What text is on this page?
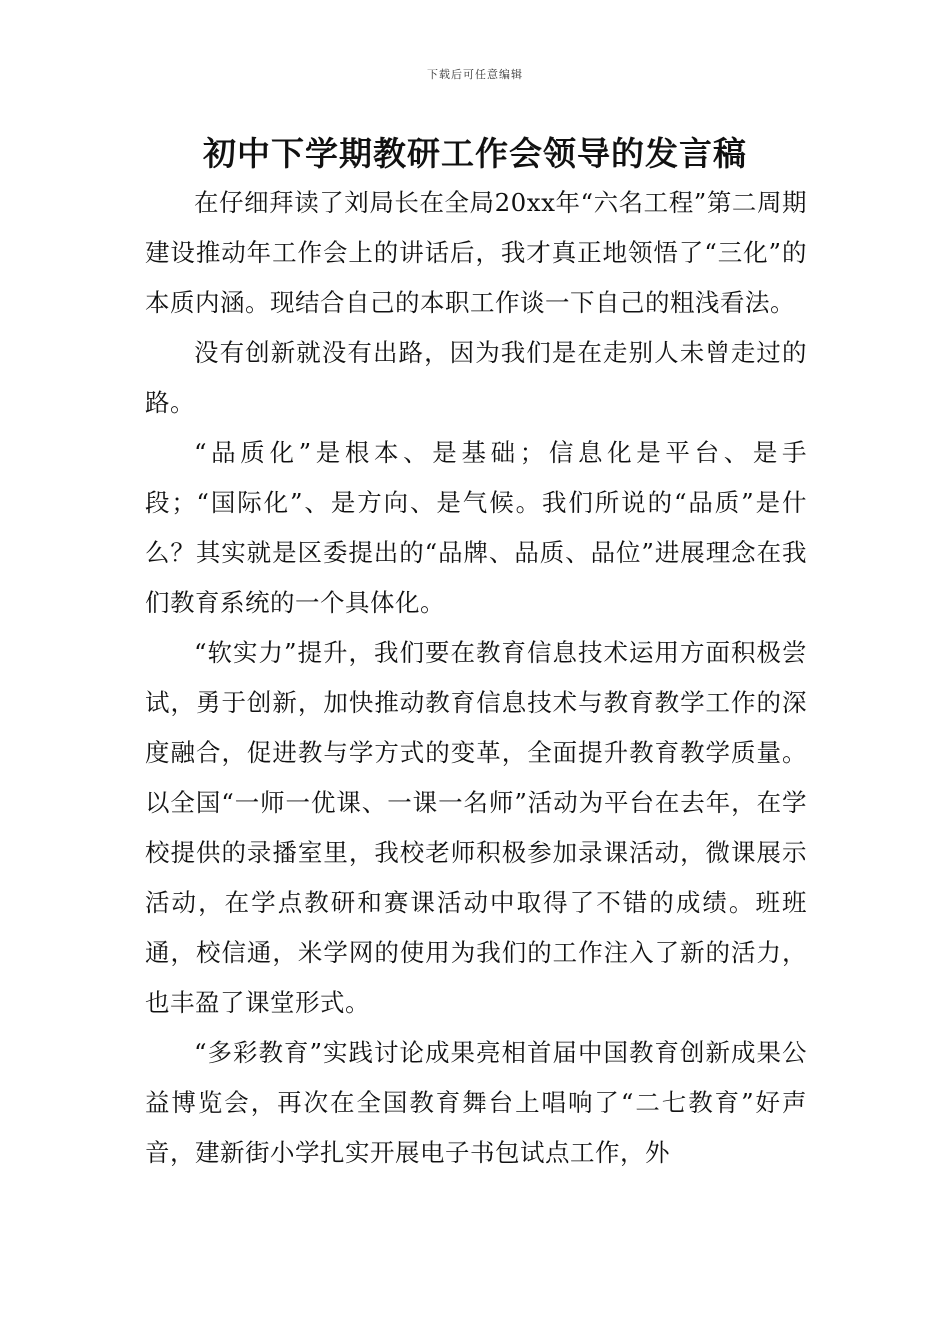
下载后可任意编辑
初中下学期教研工作会领导的发言稿

在仔细拜读了刘局长在全局20xx年“六名工程”第二周期建设推动年工作会上的讲话后，我才真正地领悟了“三化”的本质内涵。现结合自己的本职工作谈一下自己的粗浅看法。

没有创新就没有出路，因为我们是在走别人未曾走过的路。

“品质化”是根本、是基础；信息化是平台、是手段；“国际化”、是方向、是气候。我们所说的“品质”是什么？其实就是区委提出的“品牌、品质、品位”进展理念在我们教育系统的一个具体化。

“软实力”提升，我们要在教育信息技术运用方面积极尝试，勇于创新，加快推动教育信息技术与教育教学工作的深度融合，促进教与学方式的变革，全面提升教育教学质量。以全国“一师一优课、一课一名师”活动为平台在去年，在学校提供的录播室里，我校老师积极参加录课活动，微课展示活动，在学点教研和赛课活动中取得了不错的成绩。班班通，校信通，米学网的使用为我们的工作注入了新的活力，也丰盈了课堂形式。

“多彩教育”实践讨论成果亮相首届中国教育创新成果公益博览会，再次在全国教育舞台上唱响了“二七教育”好声音，建新街小学扎实开展电子书包试点工作，外
